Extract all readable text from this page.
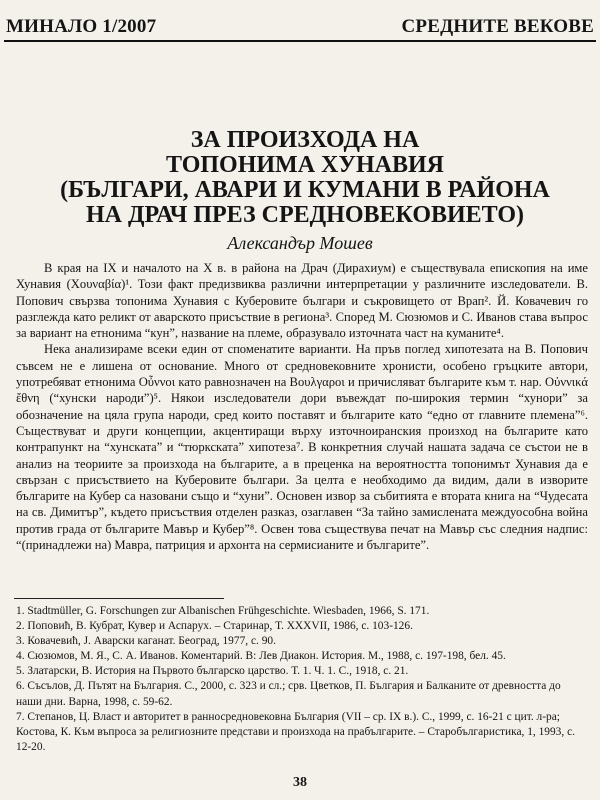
МИНАЛО 1/2007	СРЕДНИТЕ ВЕКОВЕ
ЗА ПРОИЗХОДА НА
ТОПОНИМА ХУНАВИЯ
(БЪЛГАРИ, АВАРИ И КУМАНИ В РАЙОНА
НА ДРАЧ ПРЕЗ СРЕДНОВЕКОВИЕТО)
Александър Мошев

В края на IX и началото на X в. в района на Драч (Дирахиум) е съществувала епископия на име Хунавия (Χουναβία)¹. Този факт предизвиква различни интерпретации у различните изследователи. В. Попович свързва топонима Хунавия с Куберовите българи и съкровището от Врап². Й. Ковачевич го разглежда като реликт от аварското присъствие в региона³. Според М. Сюзюмов и С. Иванов става въпрос за вариант на етнонима “кун”, название на племе, образувало източната част на куманите⁴.

Нека анализираме всеки един от споменатите варианти. На пръв поглед хипотезата на В. Попович съвсем не е лишена от основание. Много от средновековните хронисти, особено гръцките автори, употребяват етнонима Οὖννοι като равнозначен на Βουλγαροι и причисляват българите към т. нар. Οὐννικά ἔθνη (“хунски народи”)⁵. Някои изследователи дори въвеждат по-широкия термин “хунори” за обозначение на цяла група народи, сред които поставят и българите като “едно от главните племена”⁶. Съществуват и други концепции, акцентиращи върху източноиранския произход на българите като контрапункт на “хунската” и “тюркската” хипотеза⁷. В конкретния случай нашата задача се състои не в анализ на теориите за произхода на българите, а в преценка на вероятността топонимът Хунавия да е свързан с присъствието на Куберовите българи. За целта е необходимо да видим, дали в изворите българите на Кубер са назовани също и “хуни”. Основен извор за събитията е втората книга на “Чудесата на св. Димитър”, където присъствия отделен разказ, озаглавен “За тайно замислената междуособна война против града от българите Мавър и Кубер”⁸. Освен това съществува печат на Мавър със следния надпис: “(принадлежи на) Мавра, патриция и архонта на сермисианите и българите”.

1. Stadtmüller, G. Forschungen zur Albanischen Frühgeschichte. Wiesbaden, 1966, S. 171.

2. Поповић, В. Кубрат, Кувер и Аспарух. – Старинар, Т. XXXVII, 1986, с. 103-126.

3. Ковачевић, J. Аварски каганат. Београд, 1977, с. 90.

4. Сюзюмов, М. Я., С. А. Иванов. Коментарий. В: Лев Диакон. История. М., 1988, с. 197-198, бел. 45.

5. Златарски, В. История на Първото българско царство. Т. 1. Ч. 1. С., 1918, с. 21.

6. Съсълов, Д. Пътят на България. С., 2000, с. 323 и сл.; срв. Цветков, П. България и Балканите от древността до наши дни. Варна, 1998, с. 59-62.

7. Степанов, Ц. Власт и авторитет в ранносредновековна България (VII – ср. IX в.). С., 1999, с. 16-21 с цит. л-ра; Костова, К. Към въпроса за религиозните представи и произхода на прабългарите. – Старобългаристика, 1, 1993, с. 12-20.

38
